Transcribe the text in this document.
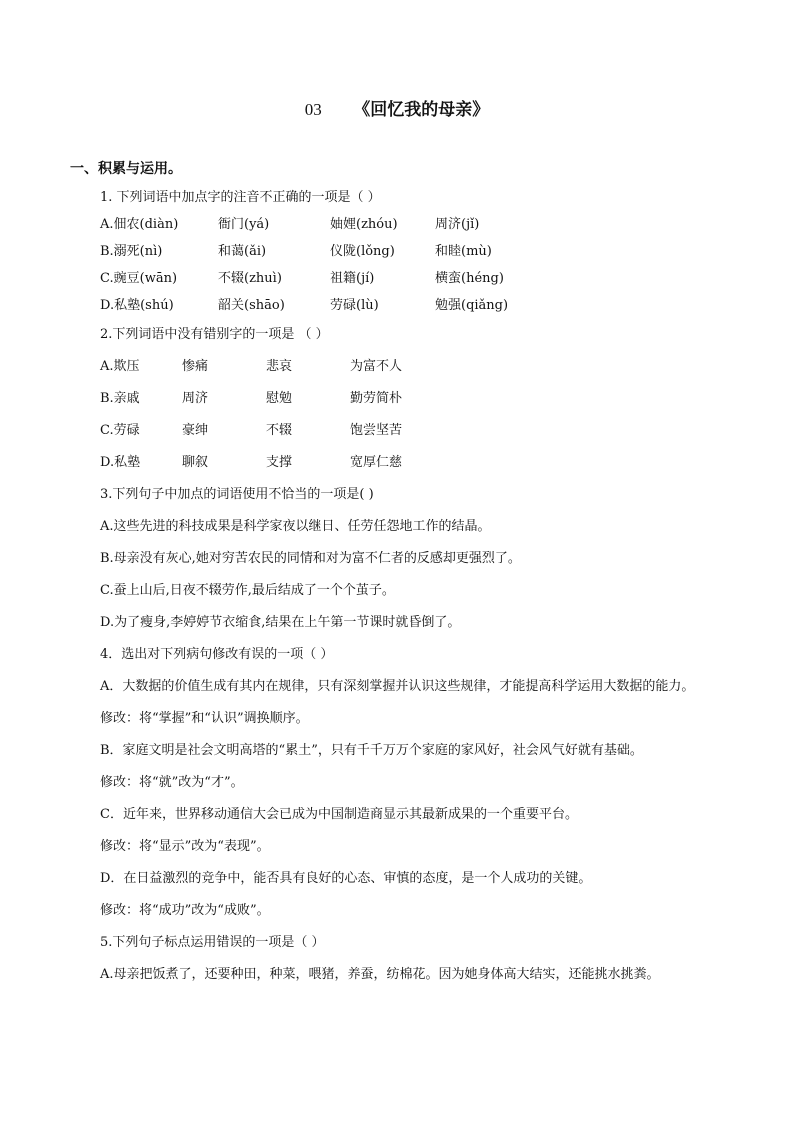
03 《回忆我的母亲》
一、积累与运用。
1. 下列词语中加点字的注音不正确的一项是（ ）
A.佃农(diàn)	衙门(yá)	妯娌(zhóu)	周济(jǐ)
B.溺死(nì)	和蔼(ǎi)	仪陇(lǒng)	和睦(mù)
C.豌豆(wān)	不辍(zhuì)	祖籍(jí)	横蛮(héng)
D.私塾(shú)	韶关(shāo)	劳碌(lù)	勉强(qiǎng)
2.下列词语中没有错别字的一项是 （ ）
A.欺压	惨痛	悲哀	为富不人
B.亲戚	周济	慰勉	勤劳简朴
C.劳碌	豪绅	不辍	饱尝坚苦
D.私塾	聊叙	支撑	宽厚仁慈
3.下列句子中加点的词语使用不恰当的一项是( )
A.这些先进的科技成果是科学家夜以继日、任劳任怨地工作的结晶。
B.母亲没有灰心,她对穷苦农民的同情和对为富不仁者的反感却更强烈了。
C.蚕上山后,日夜不辍劳作,最后结成了一个个茧子。
D.为了瘦身,李婷婷节衣缩食,结果在上午第一节课时就昏倒了。
4．选出对下列病句修改有误的一项（ ）
A．大数据的价值生成有其内在规律，只有深刻掌握并认识这些规律，才能提高科学运用大数据的能力。
修改：将“掌握”和“认识”调换顺序。
B．家庭文明是社会文明高塔的“累土”，只有千千万万个家庭的家风好，社会风气好就有基础。
修改：将“就”改为“才”。
C．近年来，世界移动通信大会已成为中国制造商显示其最新成果的一个重要平台。
修改：将“显示”改为“表现”。
D．在日益激烈的竞争中，能否具有良好的心态、审慎的态度，是一个人成功的关键。
修改：将“成功”改为“成败”。
5.下列句子标点运用错误的一项是（ ）
A.母亲把饭煮了，还要种田，种菜，喂猪，养蚕，纺棉花。因为她身体高大结实，还能挑水挑粪。
